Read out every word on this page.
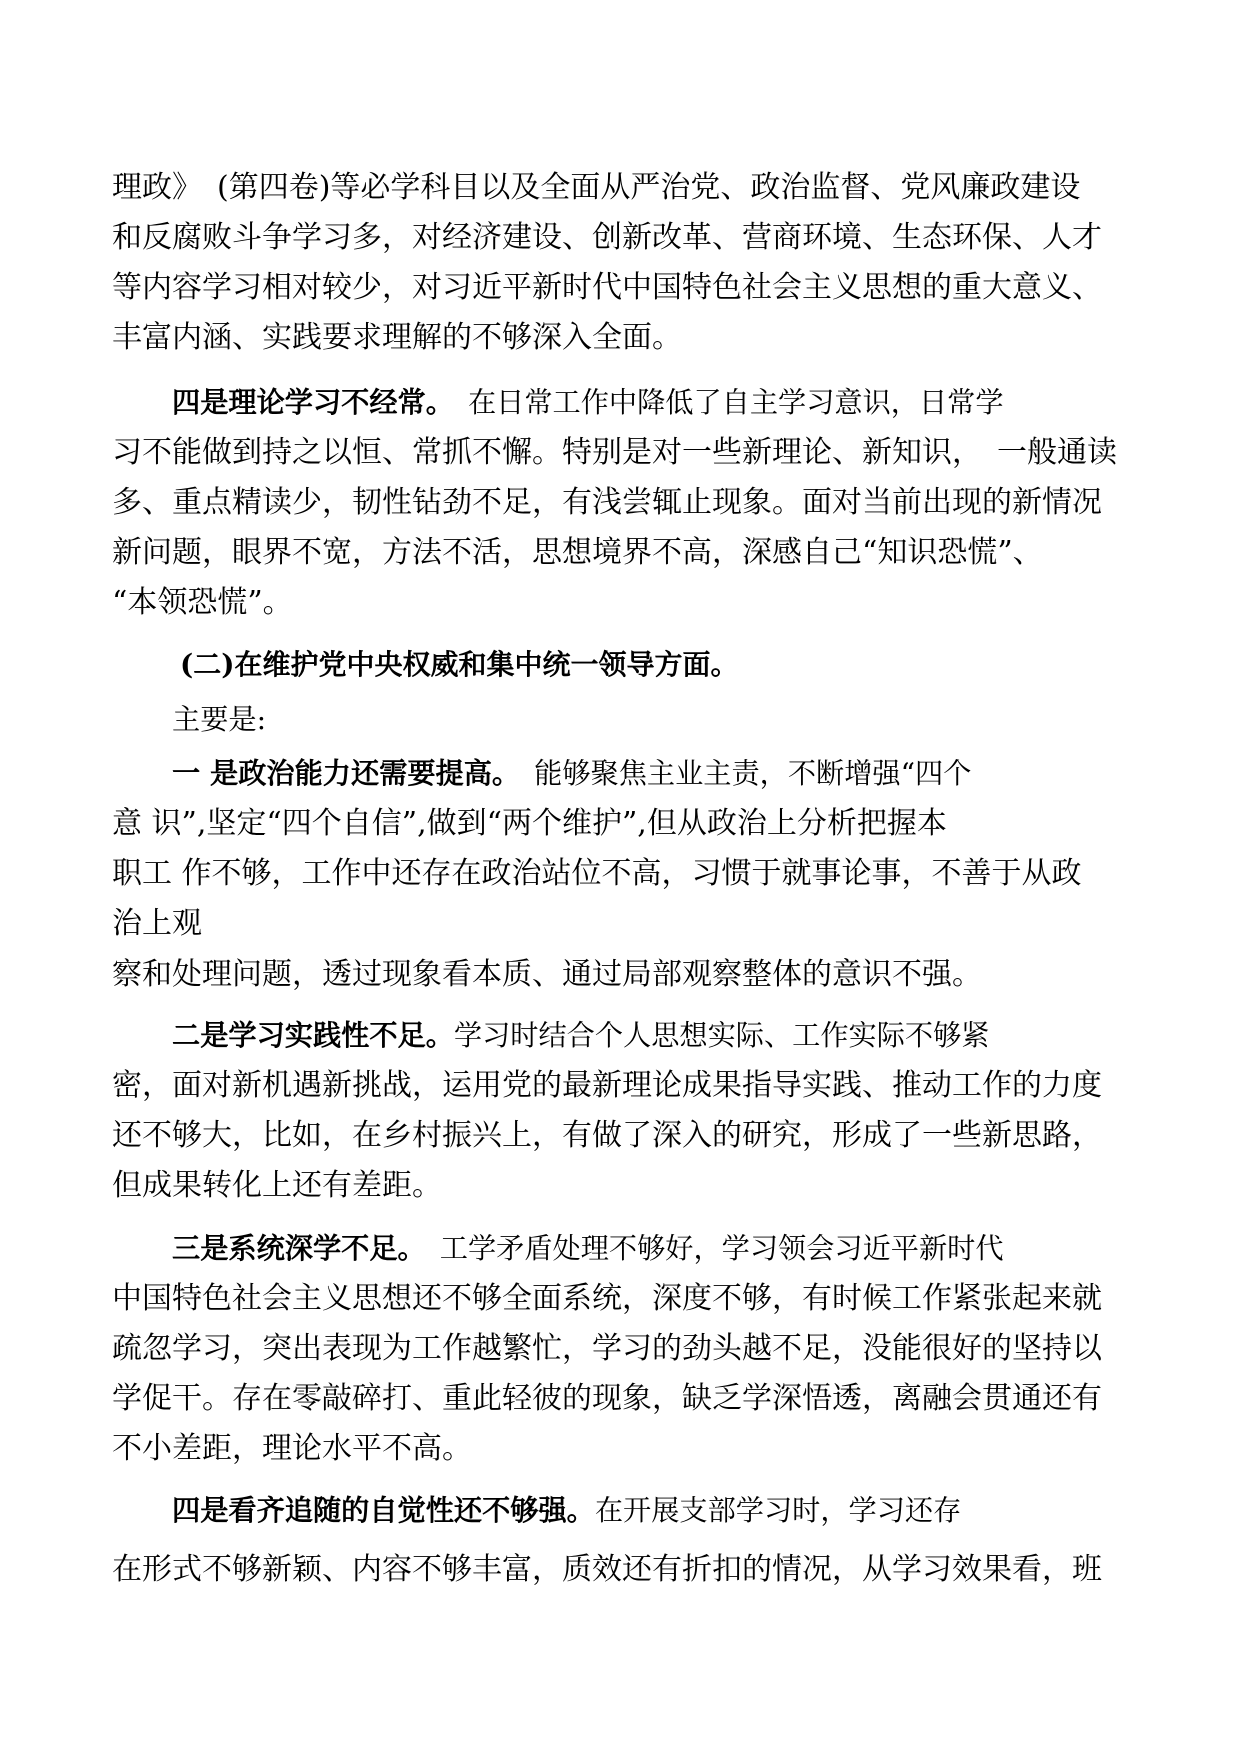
理政》　(第四卷)等必学科目以及全面从严治党、政治监督、党风廉政建设
和反腐败斗争学习多，对经济建设、创新改革、营商环境、生态环保、人才
等内容学习相对较少，对习近平新时代中国特色社会主义思想的重大意义、
丰富内涵、实践要求理解的不够深入全面。
四是理论学习不经常。　在日常工作中降低了自主学习意识，日常学
习不能做到持之以恒、常抓不懈。特别是对一些新理论、新知识，　一般通读
多、重点精读少，韧性钻劲不足，有浅尝辄止现象。面对当前出现的新情况
新问题，眼界不宽，方法不活，思想境界不高，深感自己“知识恐慌”、
“本领恐慌”。
(二)在维护党中央权威和集中统一领导方面。
主要是:
一 是政治能力还需要提高。　能够聚焦主业主责，不断增强“四个
意 识”,坚定“四个自信”,做到“两个维护”,但从政治上分析把握本
职工 作不够，工作中还存在政治站位不高，习惯于就事论事，不善于从政
治上观
察和处理问题，透过现象看本质、通过局部观察整体的意识不强。
二是学习实践性不足。学习时结合个人思想实际、工作实际不够紧
密，面对新机遇新挑战，运用党的最新理论成果指导实践、推动工作的力度
还不够大，比如，在乡村振兴上，有做了深入的研究，形成了一些新思路，
但成果转化上还有差距。
三是系统深学不足。　工学矛盾处理不够好，学习领会习近平新时代
中国特色社会主义思想还不够全面系统，深度不够，有时候工作紧张起来就
疏忽学习，突出表现为工作越繁忙，学习的劲头越不足，没能很好的坚持以
学促干。存在零敲碎打、重此轻彼的现象，缺乏学深悟透，离融会贯通还有
不小差距，理论水平不高。
四是看齐追随的自觉性还不够强。在开展支部学习时，学习还存
在形式不够新颖、内容不够丰富，质效还有折扣的情况，从学习效果看，班
